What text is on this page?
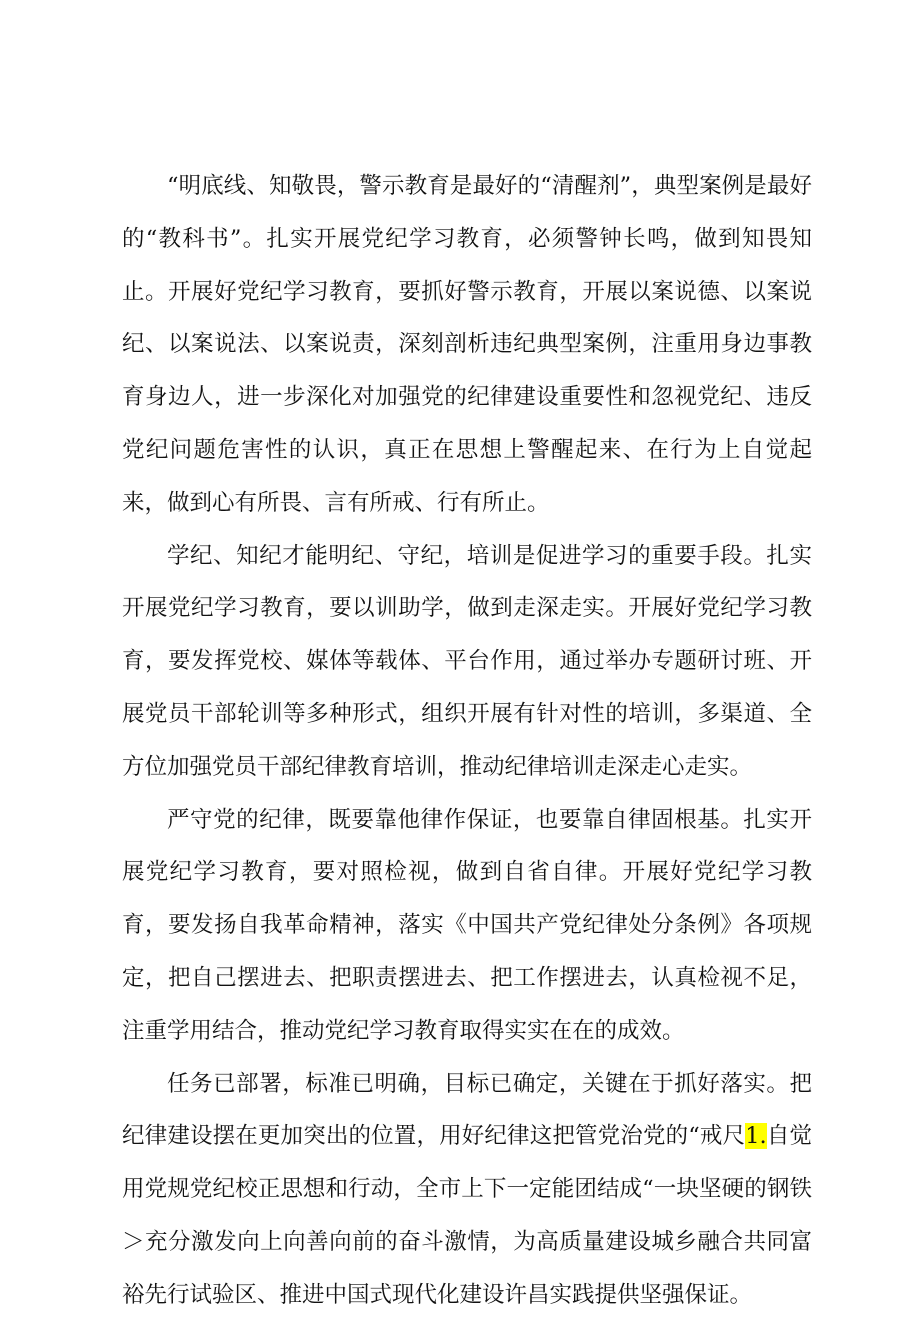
“明底线、知敬畏，警示教育是最好的“清醒剂”，典型案例是最好的“教科书”。扎实开展党纪学习教育，必须警钟长鸣，做到知畏知止。开展好党纪学习教育，要抓好警示教育，开展以案说德、以案说纪、以案说法、以案说责，深刻剖析违纪典型案例，注重用身边事教育身边人，进一步深化对加强党的纪律建设重要性和忽视党纪、违反党纪问题危害性的认识，真正在思想上警醒起来、在行为上自觉起来，做到心有所畏、言有所戒、行有所止。

学纪、知纪才能明纪、守纪，培训是促进学习的重要手段。扎实开展党纪学习教育，要以训助学，做到走深走实。开展好党纪学习教育，要发挥党校、媒体等载体、平台作用，通过举办专题研讨班、开展党员干部轮训等多种形式，组织开展有针对性的培训，多渠道、全方位加强党员干部纪律教育培训，推动纪律培训走深走心走实。

严守党的纪律，既要靠他律作保证，也要靠自律固根基。扎实开展党纪学习教育，要对照检视，做到自省自律。开展好党纪学习教育，要发扬自我革命精神，落实《中国共产党纪律处分条例》各项规定，把自己摆进去、把职责摆进去、把工作摆进去，认真检视不足，注重学用结合，推动党纪学习教育取得实实在在的成效。

任务已部署，标准已明确，目标已确定，关键在于抓好落实。把纪律建设摆在更加突出的位置，用好纪律这把管党治党的“戒尺1.自觉用党规党纪校正思想和行动，全市上下一定能团结成“一块坚硬的钢铁＞充分激发向上向善向前的奋斗激情，为高质量建设城乡融合共同富裕先行试验区、推进中国式现代化建设许昌实践提供坚强保证。
